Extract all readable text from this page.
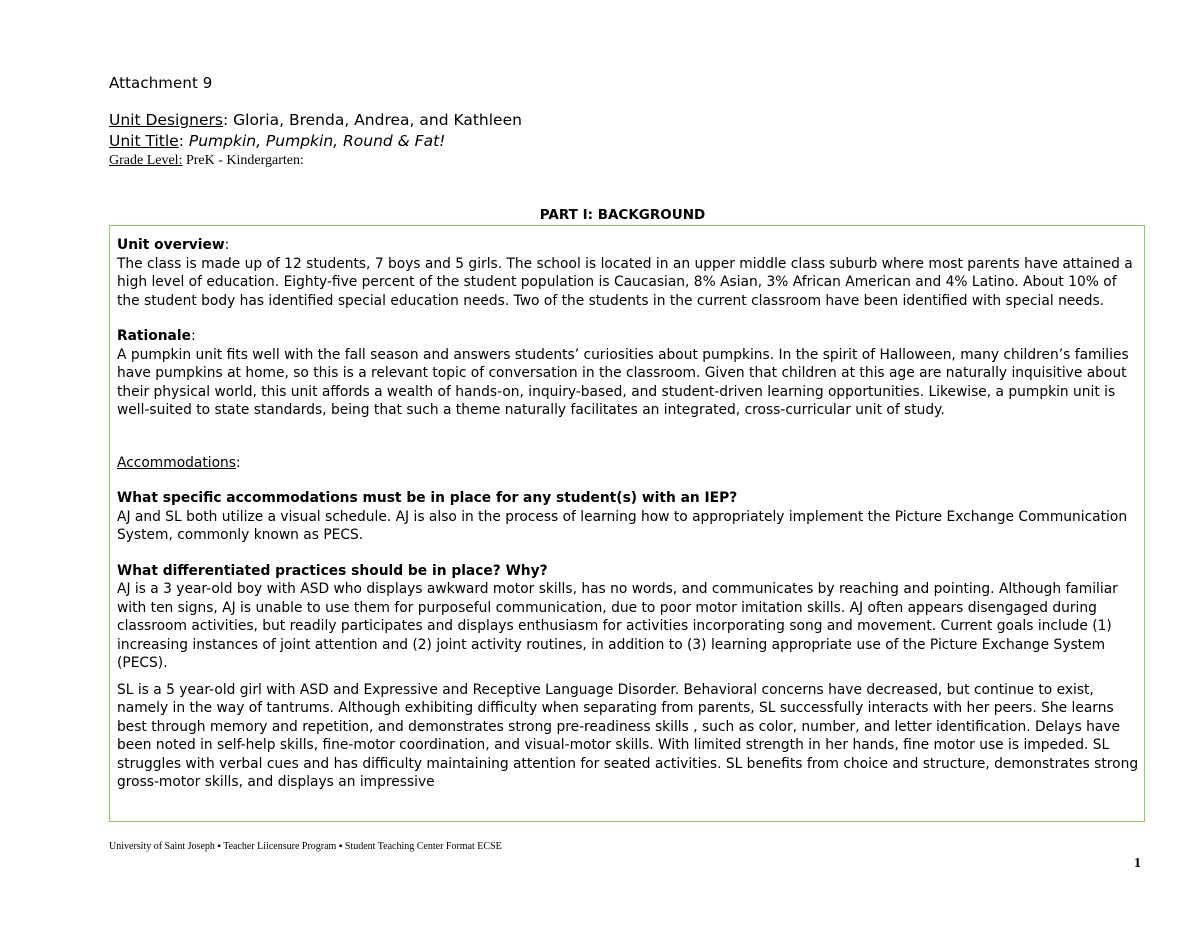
Attachment 9
Unit Designers: Gloria, Brenda, Andrea, and Kathleen
Unit Title: Pumpkin, Pumpkin, Round & Fat!
Grade Level: PreK - Kindergarten:
PART I: BACKGROUND

Unit overview:

The class is made up of 12 students, 7 boys and 5 girls. The school is located in an upper middle class suburb where most parents have attained a high level of education. Eighty-five percent of the student population is Caucasian, 8% Asian, 3% African American and 4% Latino. About 10% of the student body has identified special education needs. Two of the students in the current classroom have been identified with special needs.

Rationale:

A pumpkin unit fits well with the fall season and answers students’ curiosities about pumpkins. In the spirit of Halloween, many children’s families have pumpkins at home, so this is a relevant topic of conversation in the classroom. Given that children at this age are naturally inquisitive about their physical world, this unit affords a wealth of hands-on, inquiry-based, and student-driven learning opportunities. Likewise, a pumpkin unit is well-suited to state standards, being that such a theme naturally facilitates an integrated, cross-curricular unit of study.

Accommodations:

What specific accommodations must be in place for any student(s) with an IEP?

AJ and SL both utilize a visual schedule. AJ is also in the process of learning how to appropriately implement the Picture Exchange Communication System, commonly known as PECS.

What differentiated practices should be in place? Why?

AJ is a 3 year-old boy with ASD who displays awkward motor skills, has no words, and communicates by reaching and pointing. Although familiar with ten signs, AJ is unable to use them for purposeful communication, due to poor motor imitation skills. AJ often appears disengaged during classroom activities, but readily participates and displays enthusiasm for activities incorporating song and movement. Current goals include (1) increasing instances of joint attention and (2) joint activity routines, in addition to (3) learning appropriate use of the Picture Exchange System (PECS).

SL is a 5 year-old girl with ASD and Expressive and Receptive Language Disorder. Behavioral concerns have decreased, but continue to exist, namely in the way of tantrums. Although exhibiting difficulty when separating from parents, SL successfully interacts with her peers. She learns best through memory and repetition, and demonstrates strong pre-readiness skills , such as color, number, and letter identification. Delays have been noted in self-help skills, fine-motor coordination, and visual-motor skills. With limited strength in her hands, fine motor use is impeded. SL struggles with verbal cues and has difficulty maintaining attention for seated activities. SL benefits from choice and structure, demonstrates strong gross-motor skills, and displays an impressive

University of Saint Joseph ▪ Teacher Liicensure Program ▪ Student Teaching Center Format ECSE
1
